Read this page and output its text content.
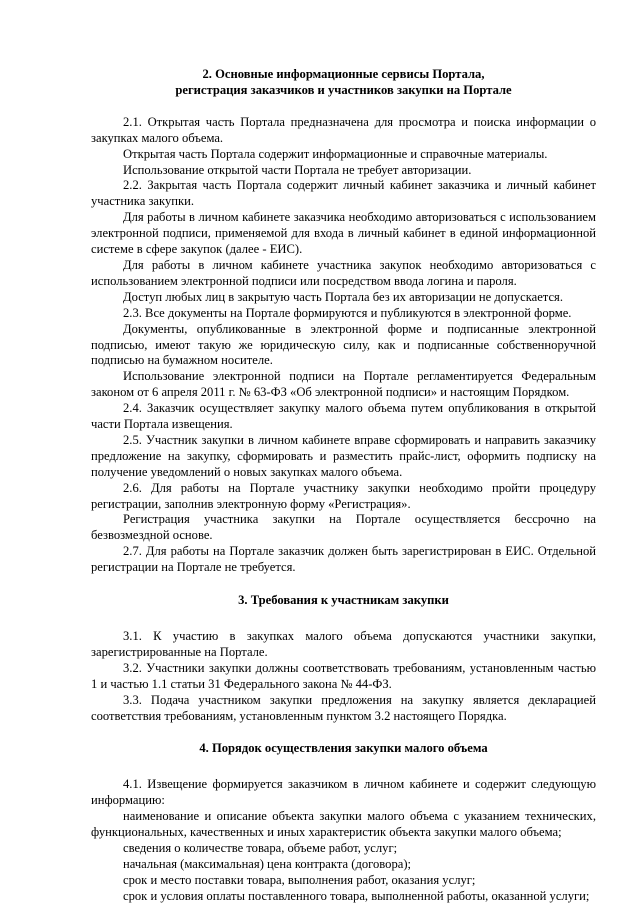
2. Основные информационные сервисы Портала,

регистрация заказчиков и участников закупки на Портале

2.1. Открытая часть Портала предназначена для просмотра и поиска информации о закупках малого объема.

Открытая часть Портала содержит информационные и справочные материалы.

Использование открытой части Портала не требует авторизации.

2.2. Закрытая часть Портала содержит личный кабинет заказчика и личный кабинет участника закупки.

Для работы в личном кабинете заказчика необходимо авторизоваться с использованием электронной подписи, применяемой для входа в личный кабинет в единой информационной системе в сфере закупок (далее - ЕИС).

Для работы в личном кабинете участника закупок необходимо авторизоваться с использованием электронной подписи или посредством ввода логина и пароля.

Доступ любых лиц в закрытую часть Портала без их авторизации не допускается.

2.3. Все документы на Портале формируются и публикуются в электронной форме.

Документы, опубликованные в электронной форме и подписанные электронной подписью, имеют такую же юридическую силу, как и подписанные собственноручной подписью на бумажном носителе.

Использование электронной подписи на Портале регламентируется Федеральным законом от 6 апреля 2011 г. № 63-ФЗ «Об электронной подписи» и настоящим Порядком.

2.4. Заказчик осуществляет закупку малого объема путем опубликования в открытой части Портала извещения.

2.5. Участник закупки в личном кабинете вправе сформировать и направить заказчику предложение на закупку, сформировать и разместить прайс-лист, оформить подписку на получение уведомлений о новых закупках малого объема.

2.6. Для работы на Портале участнику закупки необходимо пройти процедуру регистрации, заполнив электронную форму «Регистрация».

Регистрация участника закупки на Портале осуществляется бессрочно на безвозмездной основе.

2.7. Для работы на Портале заказчик должен быть зарегистрирован в ЕИС. Отдельной регистрации на Портале не требуется.

3. Требования к участникам закупки

3.1. К участию в закупках малого объема допускаются участники закупки, зарегистрированные на Портале.

3.2. Участники закупки должны соответствовать требованиям, установленным частью 1 и частью 1.1 статьи 31 Федерального закона № 44-ФЗ.

3.3. Подача участником закупки предложения на закупку является декларацией соответствия требованиям, установленным пунктом 3.2 настоящего Порядка.

4. Порядок осуществления закупки малого объема

4.1. Извещение формируется заказчиком в личном кабинете и содержит следующую информацию:

наименование и описание объекта закупки малого объема с указанием технических, функциональных, качественных и иных характеристик объекта закупки малого объема;

сведения о количестве товара, объеме работ, услуг;

начальная (максимальная) цена контракта (договора);

срок и место поставки товара, выполнения работ, оказания услуг;

срок и условия оплаты поставленного товара, выполненной работы, оказанной услуги;
